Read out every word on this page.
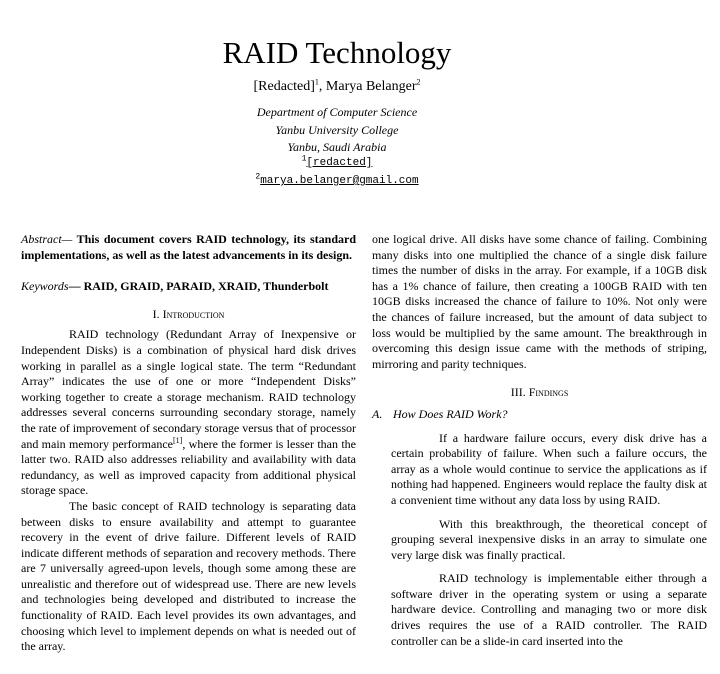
RAID Technology
[Redacted]$^1$, Marya Belanger$^2$
Department of Computer Science
Yanbu University College
Yanbu, Saudi Arabia
$^1$[redacted]
$^2$marya.belanger@gmail.com

Abstract— This document covers RAID technology, its standard implementations, as well as the latest advancements in its design.

Keywords— RAID, GRAID, PARAID, XRAID, Thunderbolt

I. Introduction

RAID technology (Redundant Array of Inexpensive or Independent Disks) is a combination of physical hard disk drives working in parallel as a single logical state. The term “Redundant Array” indicates the use of one or more “Independent Disks” working together to create a storage mechanism. RAID technology addresses several concerns surrounding secondary storage, namely the rate of improvement of secondary storage versus that of processor and main memory performance[1], where the former is lesser than the latter two. RAID also addresses reliability and availability with data redundancy, as well as improved capacity from additional physical storage space.

The basic concept of RAID technology is separating data between disks to ensure availability and attempt to guarantee recovery in the event of drive failure. Different levels of RAID indicate different methods of separation and recovery methods. There are 7 universally agreed-upon levels, though some among these are unrealistic and therefore out of widespread use. There are new levels and technologies being developed and distributed to increase the functionality of RAID. Each level provides its own advantages, and choosing which level to implement depends on what is needed out of the array.

one logical drive. All disks have some chance of failing. Combining many disks into one multiplied the chance of a single disk failure times the number of disks in the array. For example, if a 10GB disk has a 1% chance of failure, then creating a 100GB RAID with ten 10GB disks increased the chance of failure to 10%. Not only were the chances of failure increased, but the amount of data subject to loss would be multiplied by the same amount. The breakthrough in overcoming this design issue came with the methods of striping, mirroring and parity techniques.

III. Findings
A. How Does RAID Work?

If a hardware failure occurs, every disk drive has a certain probability of failure. When such a failure occurs, the array as a whole would continue to service the applications as if nothing had happened. Engineers would replace the faulty disk at a convenient time without any data loss by using RAID.

With this breakthrough, the theoretical concept of grouping several inexpensive disks in an array to simulate one very large disk was finally practical.

RAID technology is implementable either through a software driver in the operating system or using a separate hardware device. Controlling and managing two or more disk drives requires the use of a RAID controller. The RAID controller can be a slide-in card inserted into the
